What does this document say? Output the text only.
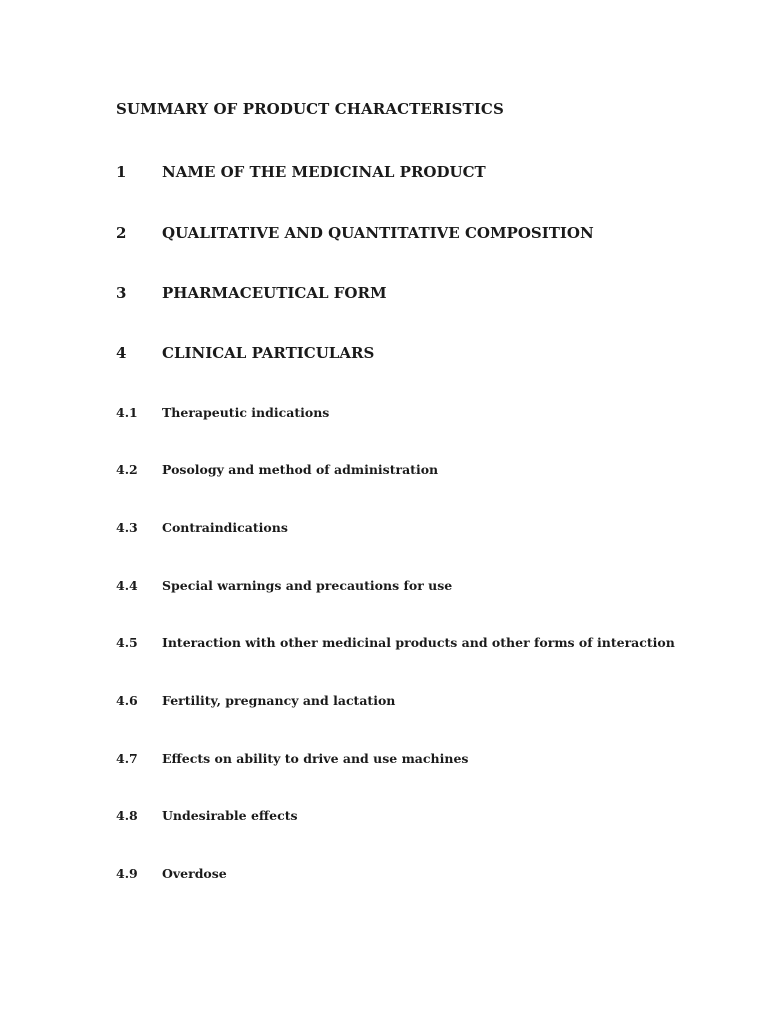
SUMMARY OF PRODUCT CHARACTERISTICS
1 NAME OF THE MEDICINAL PRODUCT
2 QUALITATIVE AND QUANTITATIVE COMPOSITION
3 PHARMACEUTICAL FORM
4 CLINICAL PARTICULARS
4.1 Therapeutic indications
4.2 Posology and method of administration
4.3 Contraindications
4.4 Special warnings and precautions for use
4.5 Interaction with other medicinal products and other forms of interaction
4.6 Fertility, pregnancy and lactation
4.7 Effects on ability to drive and use machines
4.8 Undesirable effects
4.9 Overdose
